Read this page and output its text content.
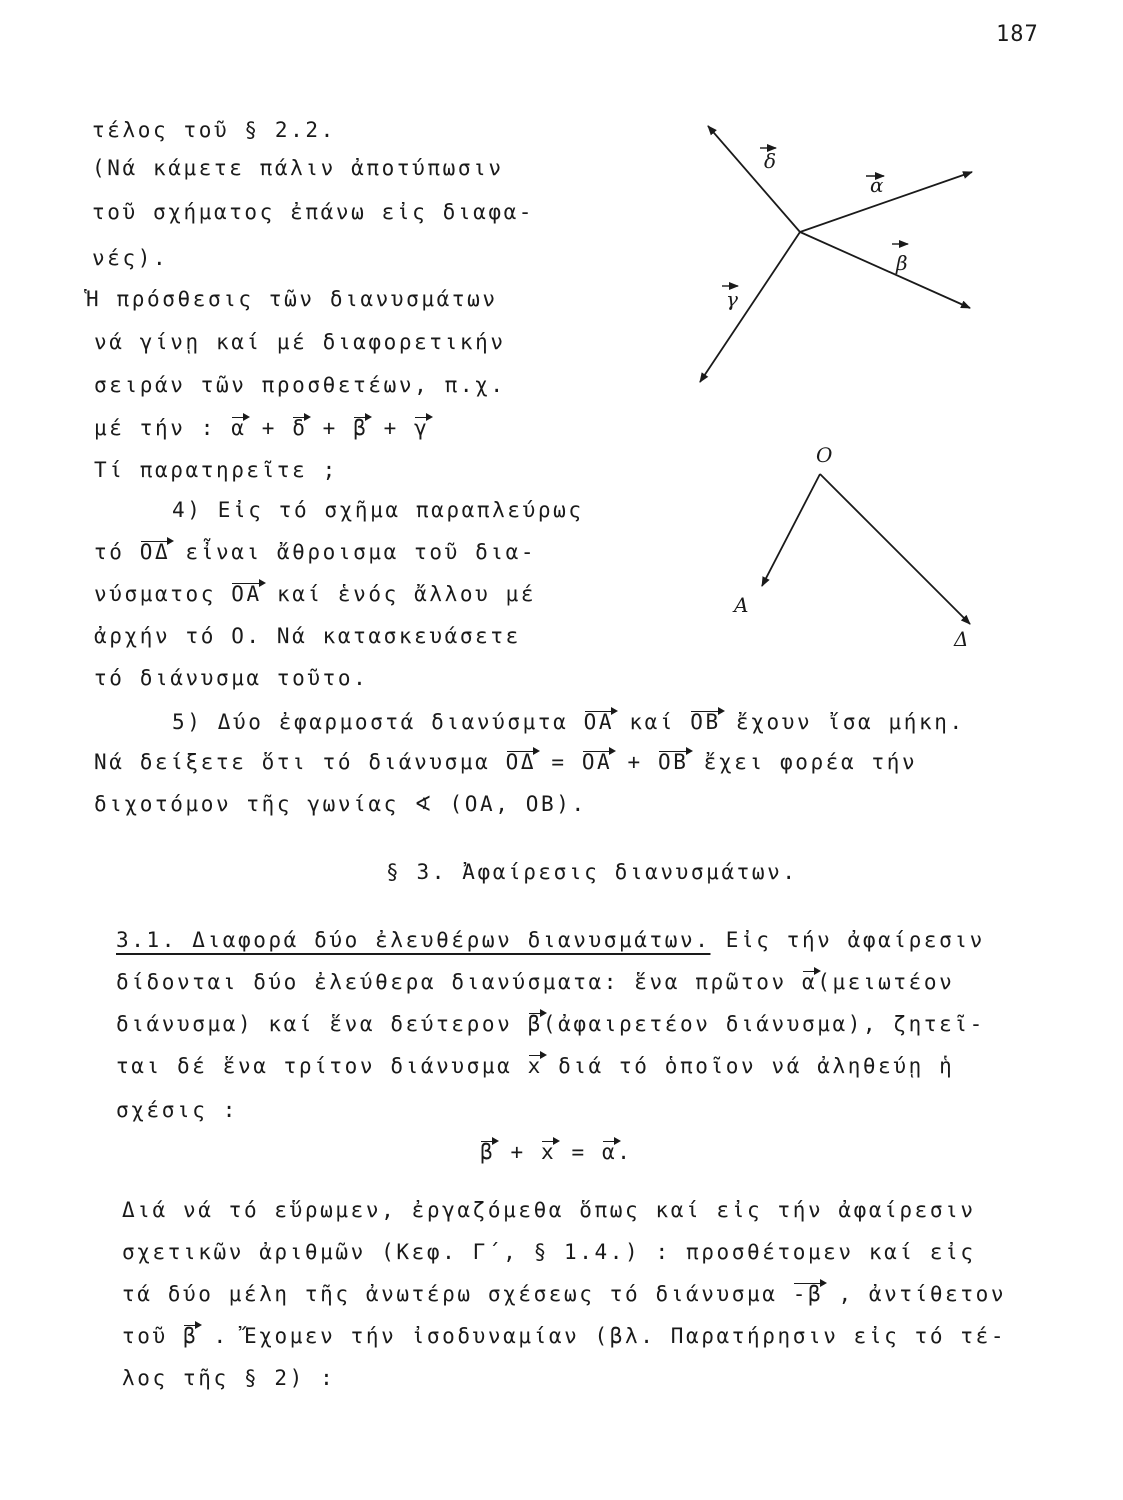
187
δ
α
β
γ
Ο
Α
Δ
τέλος τοῦ § 2.2.
(Νά κάμετε πάλιν ἀποτύπωσιν
τοῦ σχήματος ἐπάνω εἰς διαφα-
νές).
Ἡ πρόσθεσις τῶν διανυσμάτων
νά γίνῃ καί μέ διαφορετικήν
σειράν τῶν προσθετέων, π.χ.
μέ τήν : α + δ + β + γ
Τί παρατηρεῖτε ;
4) Εἰς τό σχῆμα παραπλεύρως
τό ΟΔ εἶναι ἄθροισμα τοῦ δια-
νύσματος ΟΑ καί ἑνός ἄλλου μέ
ἀρχήν τό Ο. Νά κατασκευάσετε
τό διάνυσμα τοῦτο.
5) Δύο ἐφαρμοστά διανύσμτα ΟΑ καί ΟΒ ἔχουν ἴσα μήκη.
Νά δείξετε ὅτι τό διάνυσμα ΟΔ = ΟΑ + ΟΒ ἔχει φορέα τήν
διχοτόμον τῆς γωνίας ∢ (ΟΑ, ΟΒ).
§ 3. Ἀφαίρεσις διανυσμάτων.
3.1. Διαφορά δύο ἐλευθέρων διανυσμάτων. Εἰς τήν ἀφαίρεσιν
δίδονται δύο ἐλεύθερα διανύσματα: ἕνα πρῶτον α(μειωτέον
διάνυσμα) καί ἕνα δεύτερον β(ἀφαιρετέον διάνυσμα), ζητεῖ-
ται δέ ἕνα τρίτον διάνυσμα x διά τό ὁποῖον νά ἀληθεύῃ ἡ
σχέσις :
β + x = α.
Διά νά τό εὕρωμεν, ἐργαζόμεθα ὅπως καί εἰς τήν ἀφαίρεσιν
σχετικῶν ἀριθμῶν (Κεφ. Γ΄, § 1.4.) : προσθέτομεν καί εἰς
τά δύο μέλη τῆς ἀνωτέρω σχέσεως τό διάνυσμα -β , ἀντίθετον
τοῦ β . Ἔχομεν τήν ἰσοδυναμίαν (βλ. Παρατήρησιν εἰς τό τέ-
λος τῆς § 2) :
